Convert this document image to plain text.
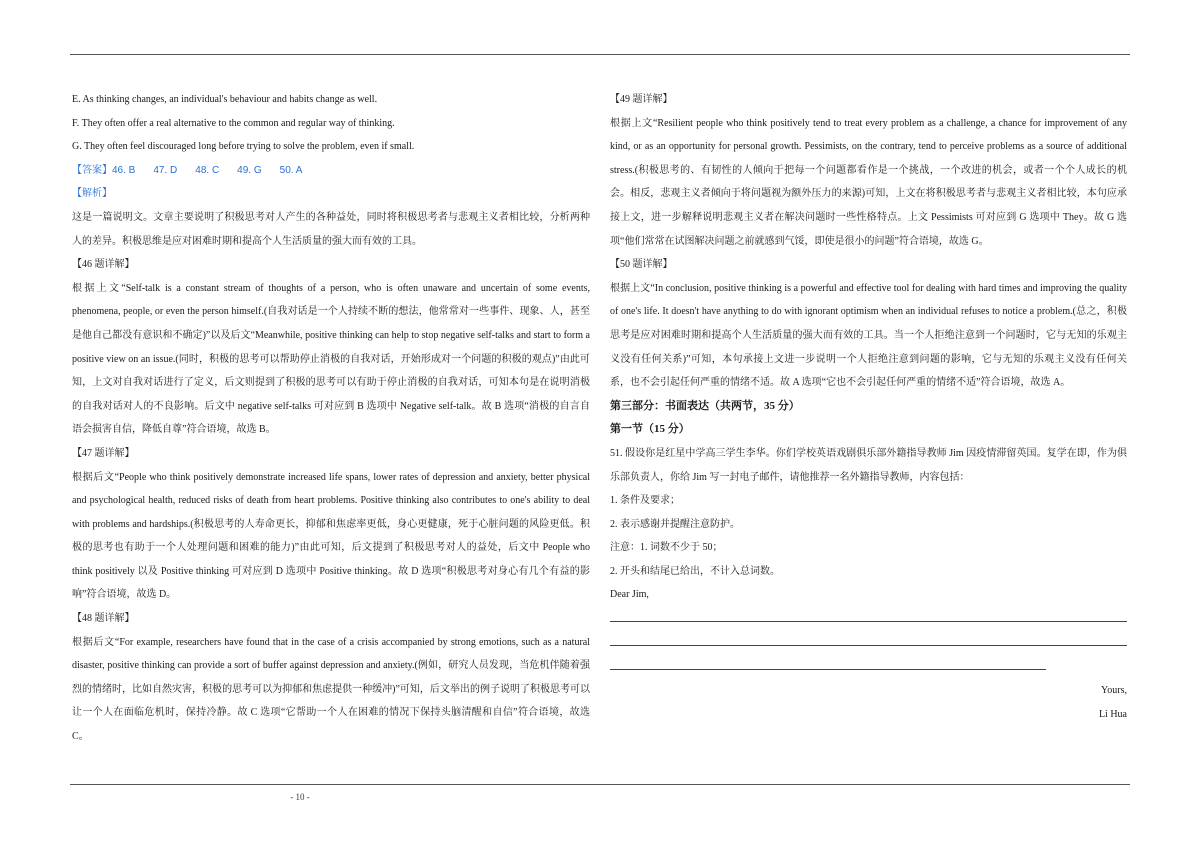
E. As thinking changes, an individual's behaviour and habits change as well.

F. They often offer a real alternative to the common and regular way of thinking.

G. They often feel discouraged long before trying to solve the problem, even if small.

【答案】46. B 47. D 48. C 49. G 50. A

【解析】

这是一篇说明文。文章主要说明了积极思考对人产生的各种益处，同时将积极思考者与悲观主义者相比较，分析两种人的差异。积极思维是应对困难时期和提高个人生活质量的强大而有效的工具。

【46 题详解】

根据上文“Self-talk is a constant stream of thoughts of a person, who is often unaware and uncertain of some events, phenomena, people, or even the person himself.(自我对话是一个人持续不断的想法，他常常对一些事件、现象、人，甚至是他自己都没有意识和不确定)”以及后文“Meanwhile, positive thinking can help to stop negative self-talks and start to form a positive view on an issue.(同时，积极的思考可以帮助停止消极的自我对话，开始形成对一个问题的积极的观点)”由此可知，上文对自我对话进行了定义，后文则提到了积极的思考可以有助于停止消极的自我对话，可知本句是在说明消极的自我对话对人的不良影响。后文中 negative self-talks 可对应到 B 选项中 Negative self-talk。故 B 选项“消极的自言自语会损害自信，降低自尊”符合语境，故选 B。

【47 题详解】

根据后文“People who think positively demonstrate increased life spans, lower rates of depression and anxiety, better physical and psychological health, reduced risks of death from heart problems. Positive thinking also contributes to one's ability to deal with problems and hardships.(积极思考的人寿命更长，抑郁和焦虑率更低，身心更健康，死于心脏问题的风险更低。积极的思考也有助于一个人处理问题和困难的能力)”由此可知，后文提到了积极思考对人的益处，后文中 People who think positively 以及 Positive thinking 可对应到 D 选项中 Positive thinking。故 D 选项“积极思考对身心有几个有益的影响”符合语境，故选 D。

【48 题详解】

根据后文“For example, researchers have found that in the case of a crisis accompanied by strong emotions, such as a natural disaster, positive thinking can provide a sort of buffer against depression and anxiety.(例如，研究人员发现，当危机伴随着强烈的情绪时，比如自然灾害，积极的思考可以为抑郁和焦虑提供一种缓冲)”可知，后文举出的例子说明了积极思考可以让一个人在面临危机时，保持冷静。故 C 选项“它帮助一个人在困难的情况下保持头脑清醒和自信”符合语境，故选 C。

【49 题详解】

根据上文“Resilient people who think positively tend to treat every problem as a challenge, a chance for improvement of any kind, or as an opportunity for personal growth. Pessimists, on the contrary, tend to perceive problems as a source of additional stress.(积极思考的、有韧性的人倾向于把每一个问题都看作是一个挑战，一个改进的机会，或者一个个人成长的机会。相反，悲观主义者倾向于将问题视为额外压力的来源)可知，上文在将积极思考者与悲观主义者相比较，本句应承接上文，进一步解释说明悲观主义者在解决问题时一些性格特点。上文 Pessimists 可对应到 G 选项中 They。故 G 选项“他们常常在试图解决问题之前就感到气馁，即使是很小的问题”符合语境，故选 G。

【50 题详解】

根据上文“In conclusion, positive thinking is a powerful and effective tool for dealing with hard times and improving the quality of one's life. It doesn't have anything to do with ignorant optimism when an individual refuses to notice a problem.(总之，积极思考是应对困难时期和提高个人生活质量的强大而有效的工具。当一个人拒绝注意到一个问题时，它与无知的乐观主义没有任何关系)”可知，本句承接上文进一步说明一个人拒绝注意到问题的影响，它与无知的乐观主义没有任何关系，也不会引起任何严重的情绪不适。故 A 选项“它也不会引起任何严重的情绪不适”符合语境，故选 A。

第三部分：书面表达（共两节，35 分）

第一节（15 分）

51. 假设你是红星中学高三学生李华。你们学校英语戏剧俱乐部外籍指导教师 Jim 因疫情滞留英国。复学在即，作为俱乐部负责人，你给 Jim 写一封电子邮件，请他推荐一名外籍指导教师，内容包括：

1. 条件及要求；

2. 表示感谢并提醒注意防护。

注意：1. 词数不少于 50；

2. 开头和结尾已给出，不计入总词数。

Dear Jim,

Yours,

Li Hua

- 10 -
